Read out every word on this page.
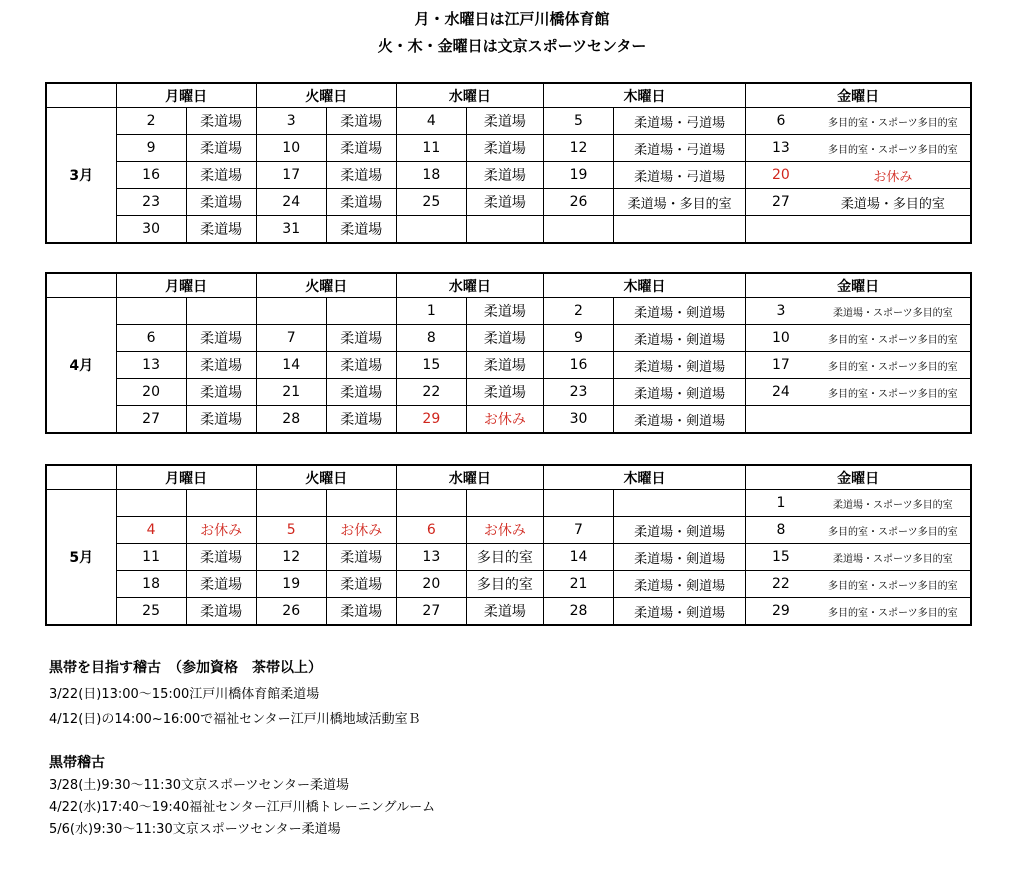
月・水曜日は江戸川橋体育館
火・木・金曜日は文京スポーツセンター
	月曜日		火曜日		水曜日		木曜日		金曜日	
3月	2	柔道場	3	柔道場	4	柔道場	5	柔道場・弓道場	6	多目的室・スポーツ多目的室
	9	柔道場	10	柔道場	11	柔道場	12	柔道場・弓道場	13	多目的室・スポーツ多目的室
	16	柔道場	17	柔道場	18	柔道場	19	柔道場・弓道場	20	お休み
	23	柔道場	24	柔道場	25	柔道場	26	柔道場・多目的室	27	柔道場・多目的室
	30	柔道場	31	柔道場						
	月曜日		火曜日		水曜日		木曜日		金曜日	
4月					1	柔道場	2	柔道場・剣道場	3	柔道場・スポーツ多目的室
	6	柔道場	7	柔道場	8	柔道場	9	柔道場・剣道場	10	多目的室・スポーツ多目的室
	13	柔道場	14	柔道場	15	柔道場	16	柔道場・剣道場	17	多目的室・スポーツ多目的室
	20	柔道場	21	柔道場	22	柔道場	23	柔道場・剣道場	24	多目的室・スポーツ多目的室
	27	柔道場	28	柔道場	29	お休み	30	柔道場・剣道場		
	月曜日		火曜日		水曜日		木曜日		金曜日	
5月									1	柔道場・スポーツ多目的室
	4	お休み	5	お休み	6	お休み	7	柔道場・剣道場	8	多目的室・スポーツ多目的室
	11	柔道場	12	柔道場	13	多目的室	14	柔道場・剣道場	15	柔道場・スポーツ多目的室
	18	柔道場	19	柔道場	20	多目的室	21	柔道場・剣道場	22	多目的室・スポーツ多目的室
	25	柔道場	26	柔道場	27	柔道場	28	柔道場・剣道場	29	多目的室・スポーツ多目的室
黒帯を目指す稽古　（参加資格　茶帯以上）
3/22(日)13:00～15:00江戸川橋体育館柔道場
4/12(日)の14:00~16:00で福祉センター江戸川橋地域活動室Ｂ
黒帯稽古
3/28(土)9:30～11:30文京スポーツセンター柔道場
4/22(水)17:40～19:40福祉センター江戸川橋トレーニングルーム
5/6(水)9:30～11:30文京スポーツセンター柔道場
